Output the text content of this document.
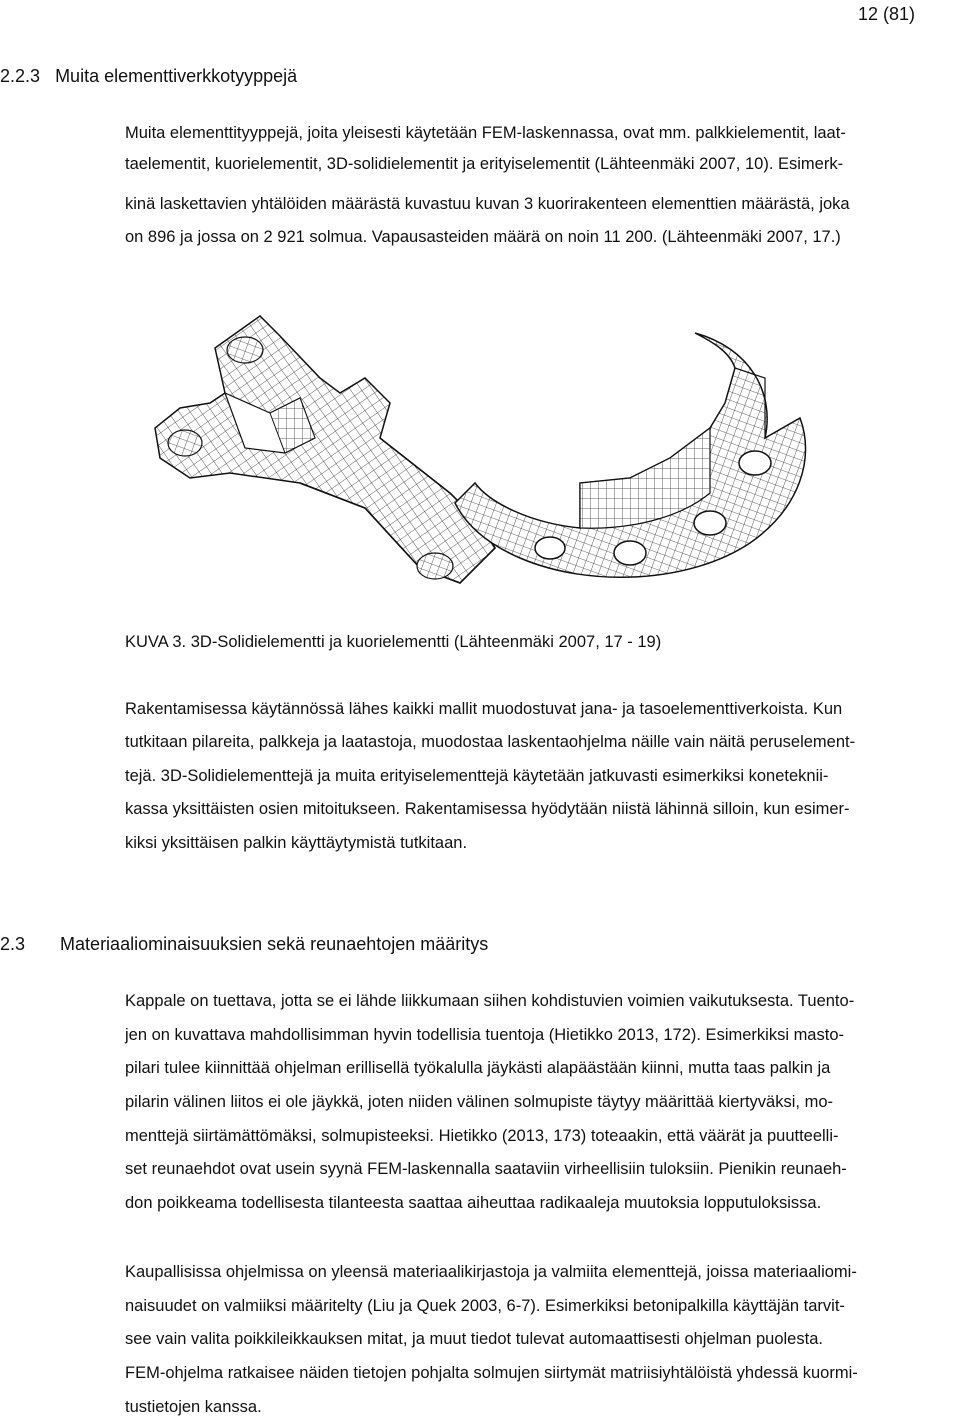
12 (81)
2.2.3 Muita elementtiverkkotyyppejä
Muita elementtityyppejä, joita yleisesti käytetään FEM-laskennassa, ovat mm. palkkielementit, laat-
taelementit, kuorielementit, 3D-solidielementit ja erityiselementit (Lähteenmäki 2007, 10). Esimerk-
kinä laskettavien yhtälöiden määrästä kuvastuu kuvan 3 kuorirakenteen elementtien määrästä, joka
on 896 ja jossa on 2 921 solmua. Vapausasteiden määrä on noin 11 200. (Lähteenmäki 2007, 17.)
KUVA 3. 3D-Solidielementti ja kuorielementti (Lähteenmäki 2007, 17 - 19)
Rakentamisessa käytännössä lähes kaikki mallit muodostuvat jana- ja tasoelementtiverkoista. Kun
tutkitaan pilareita, palkkeja ja laatastoja, muodostaa laskentaohjelma näille vain näitä peruselement-
tejä. 3D-Solidielementtejä ja muita erityiselementtejä käytetään jatkuvasti esimerkiksi koneteknii-
kassa yksittäisten osien mitoitukseen. Rakentamisessa hyödytään niistä lähinnä silloin, kun esimer-
kiksi yksittäisen palkin käyttäytymistä tutkitaan.
2.3 Materiaaliominaisuuksien sekä reunaehtojen määritys
Kappale on tuettava, jotta se ei lähde liikkumaan siihen kohdistuvien voimien vaikutuksesta. Tuento-
jen on kuvattava mahdollisimman hyvin todellisia tuentoja (Hietikko 2013, 172). Esimerkiksi masto-
pilari tulee kiinnittää ohjelman erillisellä työkalulla jäykästi alapäästään kiinni, mutta taas palkin ja
pilarin välinen liitos ei ole jäykkä, joten niiden välinen solmupiste täytyy määrittää kiertyväksi, mo-
menttejä siirtämättömäksi, solmupisteeksi. Hietikko (2013, 173) toteaakin, että väärät ja puutteelli-
set reunaehdot ovat usein syynä FEM-laskennalla saataviin virheellisiin tuloksiin. Pienikin reunaeh-
don poikkeama todellisesta tilanteesta saattaa aiheuttaa radikaaleja muutoksia lopputuloksissa.
Kaupallisissa ohjelmissa on yleensä materiaalikirjastoja ja valmiita elementtejä, joissa materiaaliomi-
naisuudet on valmiiksi määritelty (Liu ja Quek 2003, 6-7). Esimerkiksi betonipalkilla käyttäjän tarvit-
see vain valita poikkileikkauksen mitat, ja muut tiedot tulevat automaattisesti ohjelman puolesta.
FEM-ohjelma ratkaisee näiden tietojen pohjalta solmujen siirtymät matriisiyhtälöistä yhdessä kuormi-
tustietojen kanssa.
